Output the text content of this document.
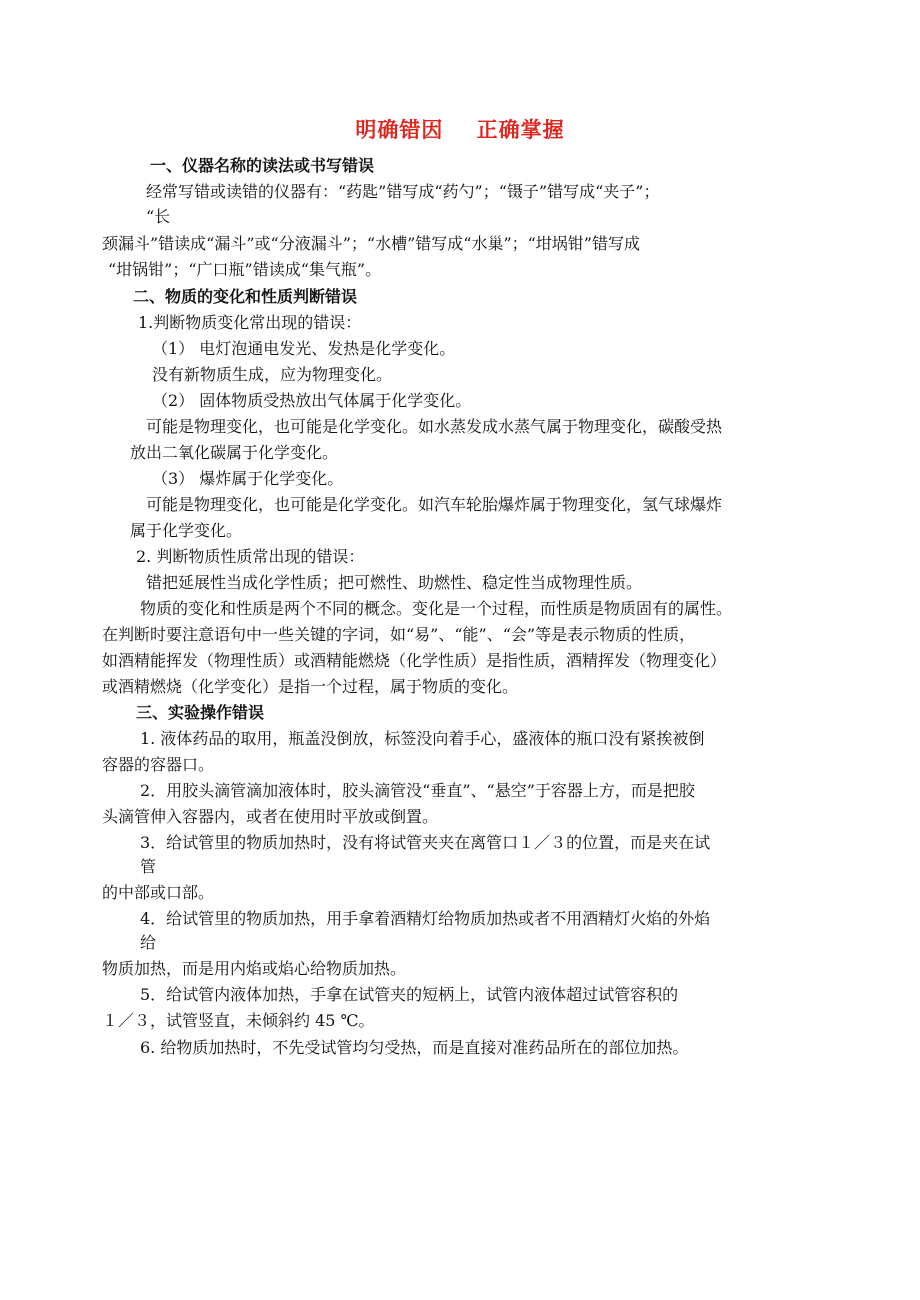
明确错因    正确掌握
一、仪器名称的读法或书写错误
经常写错或读错的仪器有：“药匙”错写成“药勺”；“镊子”错写成“夹子”；
“长
颈漏斗”错读成“漏斗”或“分液漏斗”；“水槽”错写成“水巢”；“坩埚钳”错写成
“坩锅钳”；“广口瓶”错读成“集气瓶”。
二、物质的变化和性质判断错误
1.判断物质变化常出现的错误：
（1） 电灯泡通电发光、发热是化学变化。
没有新物质生成，应为物理变化。
（2） 固体物质受热放出气体属于化学变化。
可能是物理变化，也可能是化学变化。如水蒸发成水蒸气属于物理变化，碳酸受热
放出二氧化碳属于化学变化。
（3） 爆炸属于化学变化。
可能是物理变化，也可能是化学变化。如汽车轮胎爆炸属于物理变化，氢气球爆炸
属于化学变化。
2. 判断物质性质常出现的错误：
错把延展性当成化学性质；把可燃性、助燃性、稳定性当成物理性质。
物质的变化和性质是两个不同的概念。变化是一个过程，而性质是物质固有的属性。
在判断时要注意语句中一些关键的字词，如“易”、“能”、“会”等是表示物质的性质，
如酒精能挥发（物理性质）或酒精能燃烧（化学性质）是指性质，酒精挥发（物理变化）
或酒精燃烧（化学变化）是指一个过程，属于物质的变化。
三、实验操作错误
1. 液体药品的取用，瓶盖没倒放，标签没向着手心，盛液体的瓶口没有紧挨被倒
容器的容器口。
2．用胶头滴管滴加液体时，胶头滴管没“垂直”、“悬空”于容器上方，而是把胶
头滴管伸入容器内，或者在使用时平放或倒置。
3．给试管里的物质加热时，没有将试管夹夹在离管口１／３的位置，而是夹在试
管
的中部或口部。
4．给试管里的物质加热，用手拿着酒精灯给物质加热或者不用酒精灯火焰的外焰
给
物质加热，而是用内焰或焰心给物质加热。
5．给试管内液体加热，手拿在试管夹的短柄上，试管内液体超过试管容积的
１／３，试管竖直，未倾斜约 45 ℃。
6. 给物质加热时，不先受试管均匀受热，而是直接对准药品所在的部位加热。
